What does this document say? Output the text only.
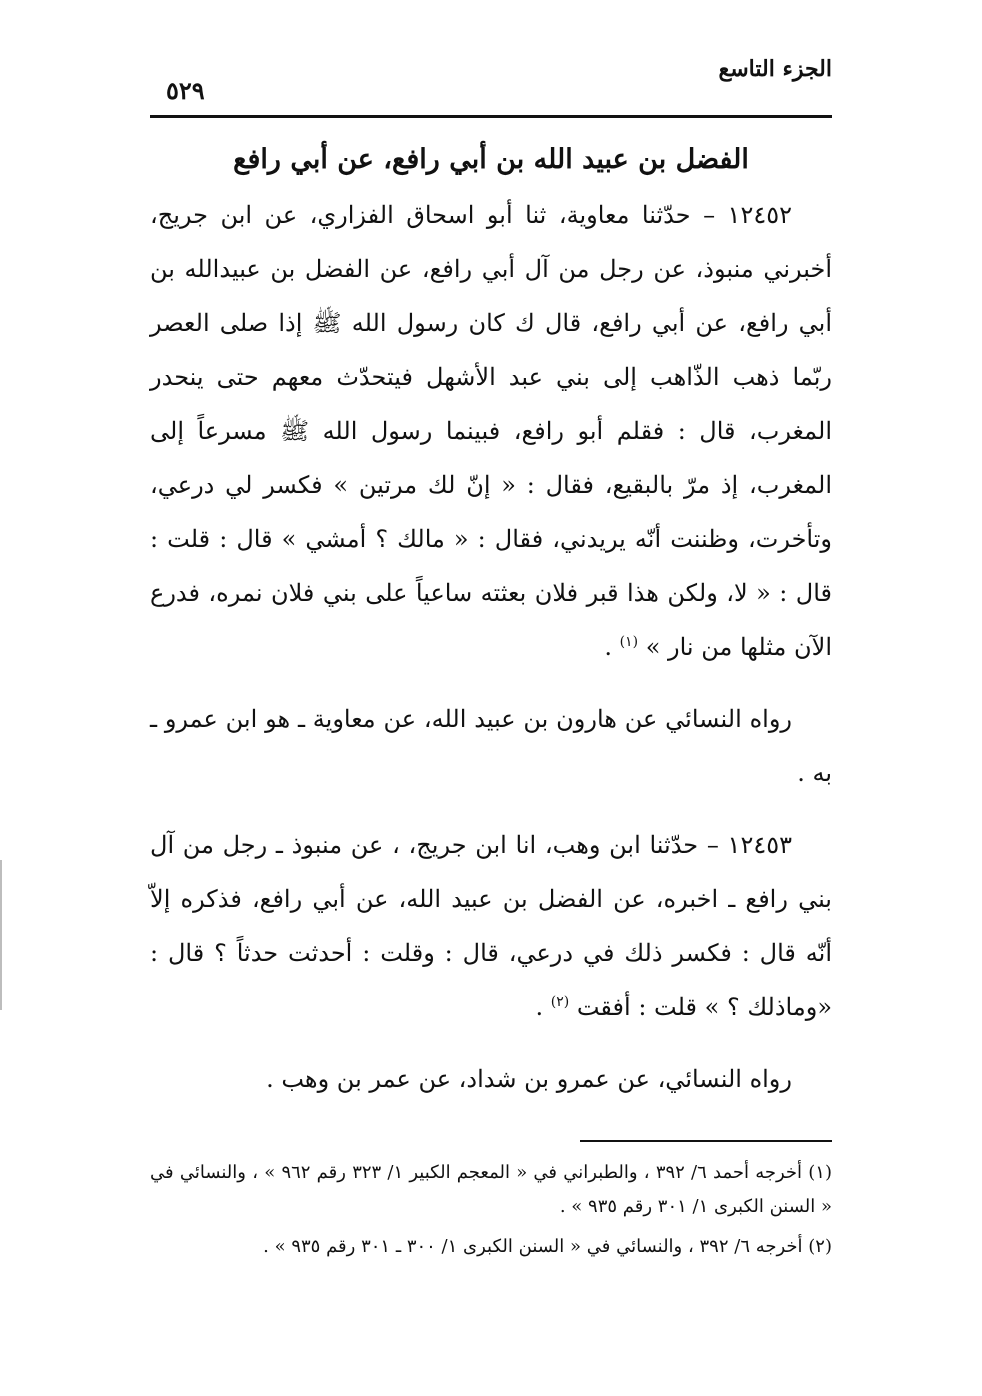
الجزء التاسع
٥٢٩
الفضل بن عبيد الله بن أبي رافع، عن أبي رافع

١٢٤٥٢ – حدّثنا معاوية، ثنا أبو اسحاق الفزاري، عن ابن جريج، أخبرني منبوذ، عن رجل من آل أبي رافع، عن الفضل بن عبيدالله بن أبي رافع، عن أبي رافع، قال ك كان رسول الله ﷺ إذا صلى العصر ربّما ذهب الذّاهب إلى بني عبد الأشهل فيتحدّث معهم حتى ينحدر المغرب، قال : فقلم أبو رافع، فبينما رسول الله ﷺ مسرعاً إلى المغرب، إذ مرّ بالبقيع، فقال : « إنّ لك مرتين » فكسر لي درعي، وتأخرت، وظننت أنّه يريدني، فقال : « مالك ؟ أمشي » قال : قلت : قال : « لا، ولكن هذا قبر فلان بعثته ساعياً على بني فلان نمره، فدرع الآن مثلها من نار » $^{(١)}$ .

رواه النسائي عن هارون بن عبيد الله، عن معاوية ـ هو ابن عمرو ـ به .

١٢٤٥٣ – حدّثنا ابن وهب، انا ابن جريج، ، عن منبوذ ـ رجل من آل بني رافع ـ اخبره، عن الفضل بن عبيد الله، عن أبي رافع، فذكره إلاّ أنّه قال : فكسر ذلك في درعي، قال : وقلت : أحدثت حدثاً ؟ قال : «وماذلك ؟ » قلت : أفقت $^{(٢)}$ .

رواه النسائي، عن عمرو بن شداد، عن عمر بن وهب .

(١) أخرجه أحمد ٦/ ٣٩٢ ، والطبراني في « المعجم الكبير ١/ ٣٢٣ رقم ٩٦٢ » ، والنسائي في « السنن الكبرى ١/ ٣٠١ رقم ٩٣٥ » .

(٢) أخرجه ٦/ ٣٩٢ ، والنسائي في « السنن الكبرى ١/ ٣٠٠ ـ ٣٠١ رقم ٩٣٥ » .
